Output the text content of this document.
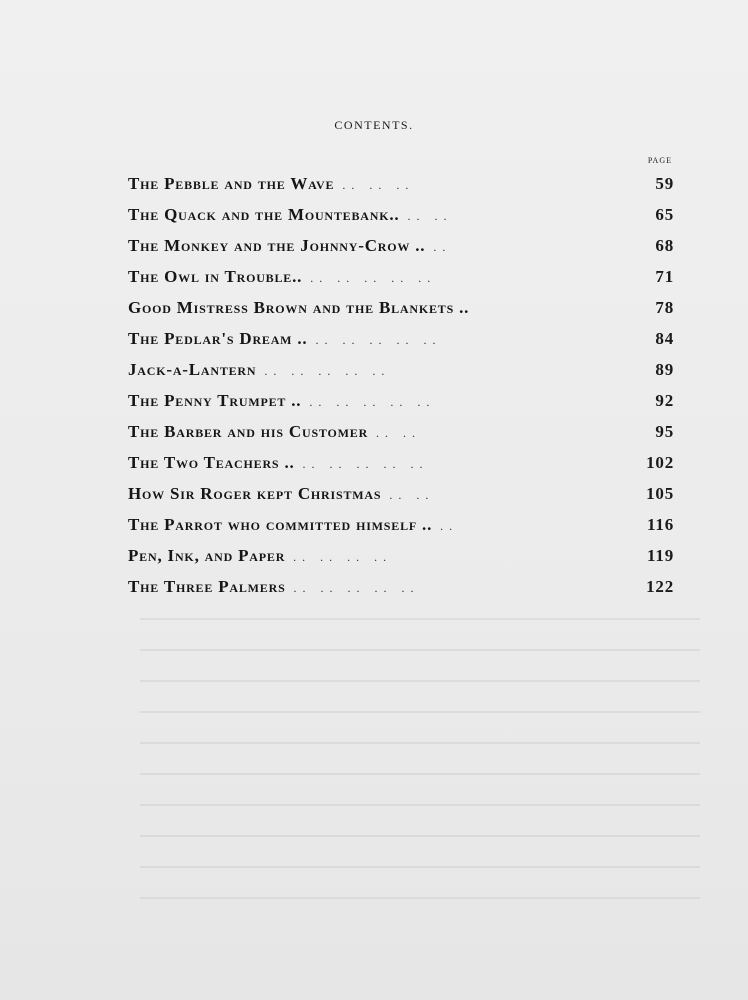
CONTENTS.
PAGE
The Pebble and the Wave .. .. ..	59
The Quack and the Mountebank.. .. ..	65
The Monkey and the Johnny-Crow .. ..	68
The Owl in Trouble.. .. .. .. .. ..	71
Good Mistress Brown and the Blankets ..	78
The Pedlar's Dream .. .. .. .. .. ..	84
Jack-a-Lantern .. .. .. .. ..	89
The Penny Trumpet .. .. .. .. .. ..	92
The Barber and his Customer .. ..	95
The Two Teachers .. .. .. .. .. ..	102
How Sir Roger kept Christmas .. ..	105
The Parrot who committed himself .. ..	116
Pen, Ink, and Paper .. .. .. ..	119
The Three Palmers .. .. .. .. ..	122
